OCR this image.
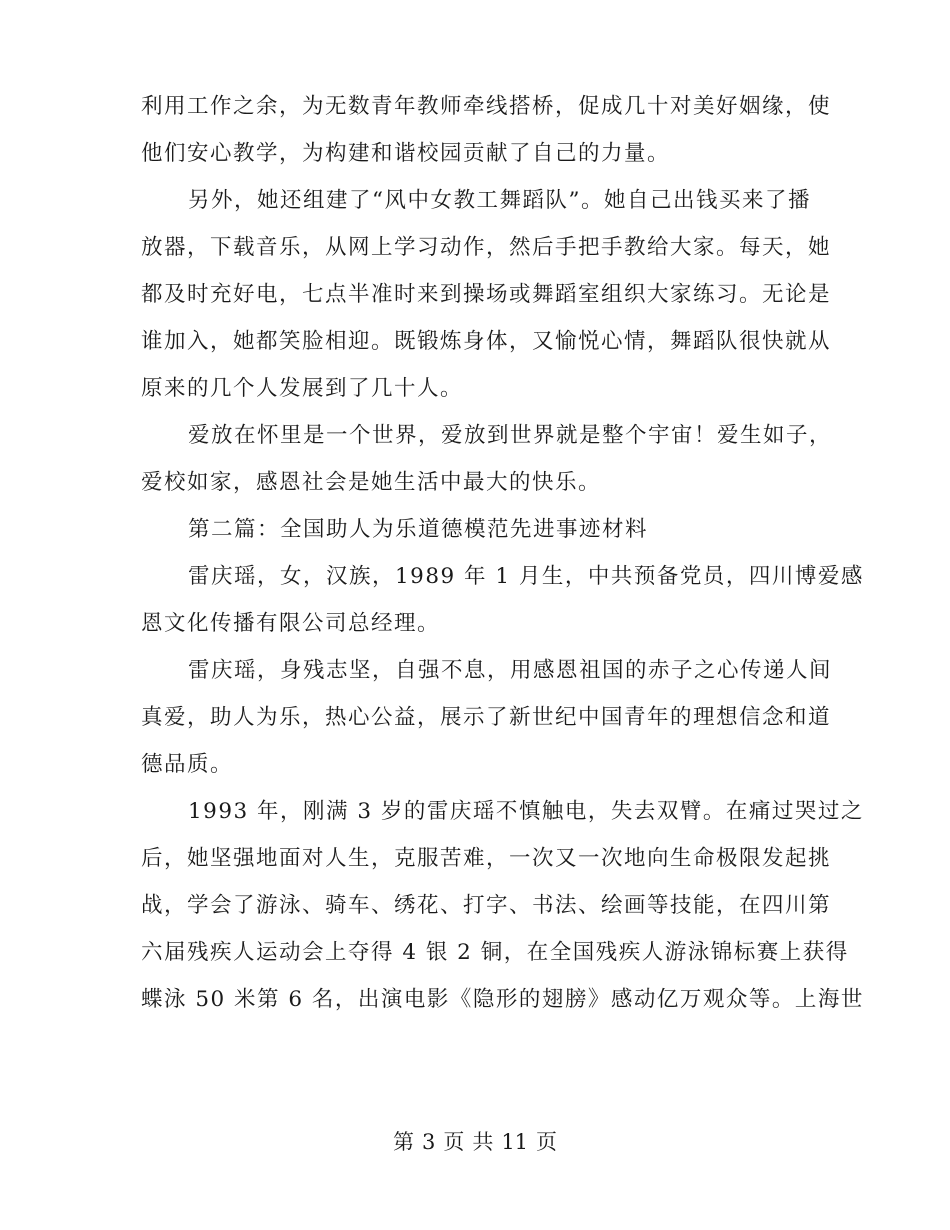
利用工作之余，为无数青年教师牵线搭桥，促成几十对美好姻缘，使
他们安心教学，为构建和谐校园贡献了自己的力量。
另外，她还组建了“风中女教工舞蹈队”。她自己出钱买来了播
放器，下载音乐，从网上学习动作，然后手把手教给大家。每天，她
都及时充好电，七点半准时来到操场或舞蹈室组织大家练习。无论是
谁加入，她都笑脸相迎。既锻炼身体，又愉悦心情，舞蹈队很快就从
原来的几个人发展到了几十人。
爱放在怀里是一个世界，爱放到世界就是整个宇宙！爱生如子，
爱校如家，感恩社会是她生活中最大的快乐。
第二篇：全国助人为乐道德模范先进事迹材料
雷庆瑶，女，汉族，1989 年 1 月生，中共预备党员，四川博爱感
恩文化传播有限公司总经理。
雷庆瑶，身残志坚，自强不息，用感恩祖国的赤子之心传递人间
真爱，助人为乐，热心公益，展示了新世纪中国青年的理想信念和道
德品质。
1993 年，刚满 3 岁的雷庆瑶不慎触电，失去双臂。在痛过哭过之
后，她坚强地面对人生，克服苦难，一次又一次地向生命极限发起挑
战，学会了游泳、骑车、绣花、打字、书法、绘画等技能，在四川第
六届残疾人运动会上夺得 4 银 2 铜，在全国残疾人游泳锦标赛上获得
蝶泳 50 米第 6 名，出演电影《隐形的翅膀》感动亿万观众等。上海世
第 3 页 共 11 页
